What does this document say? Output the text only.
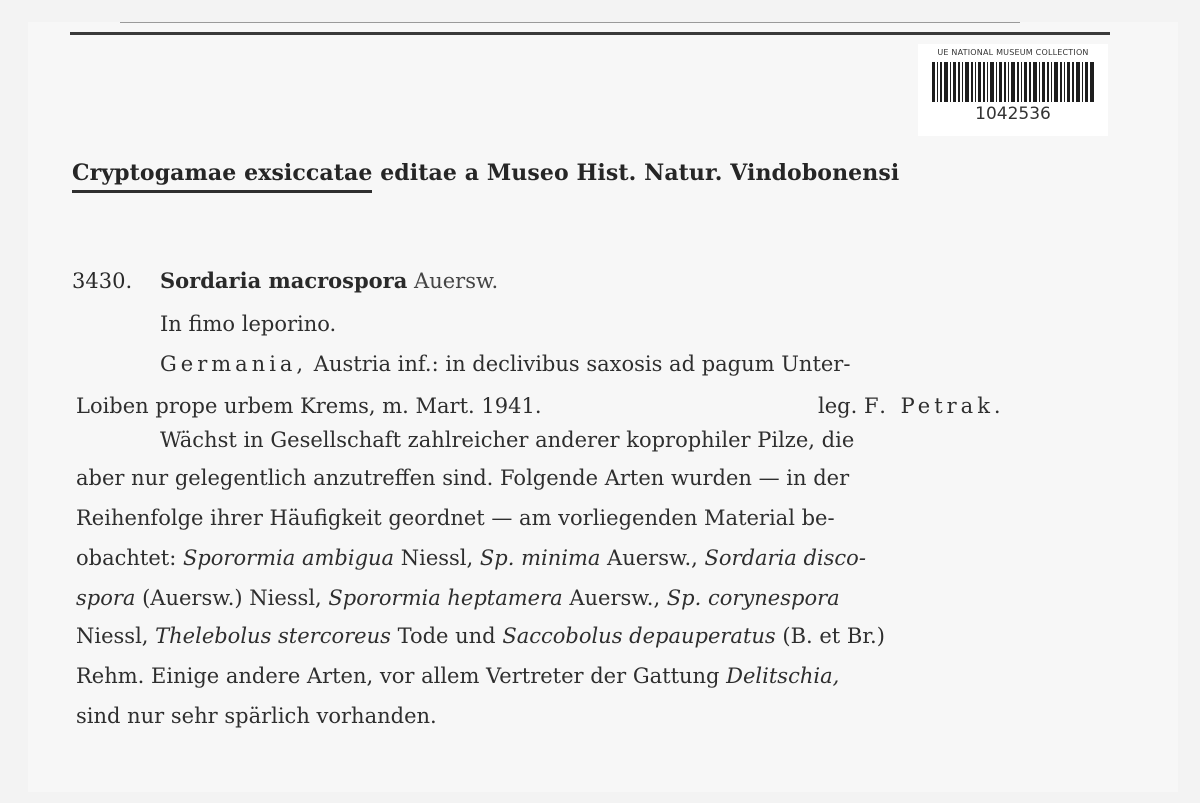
UE NATIONAL MUSEUM COLLECTION
1042536
Cryptogamae exsiccatae editae a Museo Hist. Natur. Vindobonensi
3430. Sordaria macrospora Auersw.
In fimo leporino.
Germania, Austria inf.: in declivibus saxosis ad pagum Unter-
Loiben prope urbem Krems, m. Mart. 1941.	leg. F. Petrak.
Wächst in Gesellschaft zahlreicher anderer koprophiler Pilze, die
aber nur gelegentlich anzutreffen sind. Folgende Arten wurden — in der
Reihenfolge ihrer Häufigkeit geordnet — am vorliegenden Material be-
obachtet: Sporormia ambigua Niessl, Sp. minima Auersw., Sordaria disco-
spora (Auersw.) Niessl, Sporormia heptamera Auersw., Sp. corynespora
Niessl, Thelebolus stercoreus Tode und Saccobolus depauperatus (B. et Br.)
Rehm. Einige andere Arten, vor allem Vertreter der Gattung Delitschia,
sind nur sehr spärlich vorhanden.
